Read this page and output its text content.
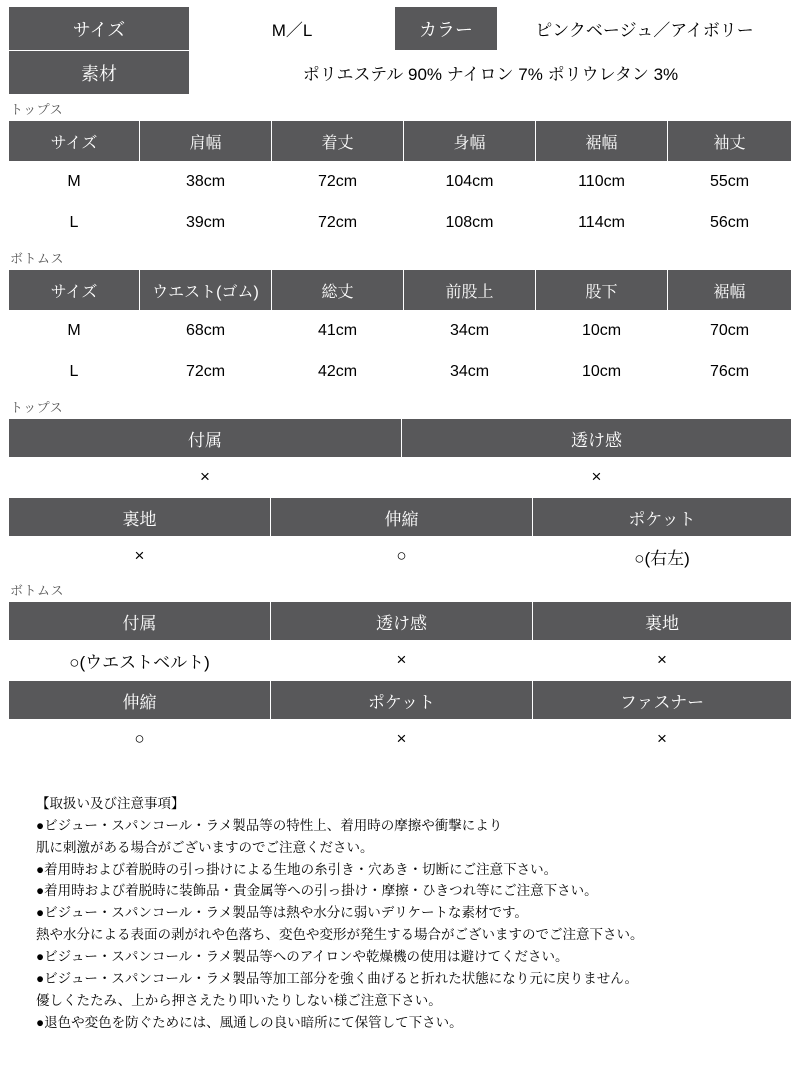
サイズ	M／L	カラー	ピンクベージュ／アイボリー
素材	ポリエステル 90% ナイロン 7% ポリウレタン 3%		
トップス
サイズ	肩幅	着丈	身幅	裾幅	袖丈
M	38cm	72cm	104cm	110cm	55cm
L	39cm	72cm	108cm	114cm	56cm
ボトムス
サイズ	ウエスト(ゴム)	総丈	前股上	股下	裾幅
M	68cm	41cm	34cm	10cm	70cm
L	72cm	42cm	34cm	10cm	76cm
トップス
付属	透け感
×	×
裏地	伸縮	ポケット
×	○	○(右左)
ボトムス
付属	透け感	裏地
○(ウエストベルト)	×	×
伸縮	ポケット	ファスナー
○	×	×
【取扱い及び注意事項】
●ビジュー・スパンコール・ラメ製品等の特性上、着用時の摩擦や衝撃により
肌に刺激がある場合がございますのでご注意ください。
●着用時および着脱時の引っ掛けによる生地の糸引き・穴あき・切断にご注意下さい。
●着用時および着脱時に装飾品・貴金属等への引っ掛け・摩擦・ひきつれ等にご注意下さい。
●ビジュー・スパンコール・ラメ製品等は熱や水分に弱いデリケートな素材です。
熱や水分による表面の剥がれや色落ち、変色や変形が発生する場合がございますのでご注意下さい。
●ビジュー・スパンコール・ラメ製品等へのアイロンや乾燥機の使用は避けてください。
●ビジュー・スパンコール・ラメ製品等加工部分を強く曲げると折れた状態になり元に戻りません。
優しくたたみ、上から押さえたり叩いたりしない様ご注意下さい。
●退色や変色を防ぐためには、風通しの良い暗所にて保管して下さい。
